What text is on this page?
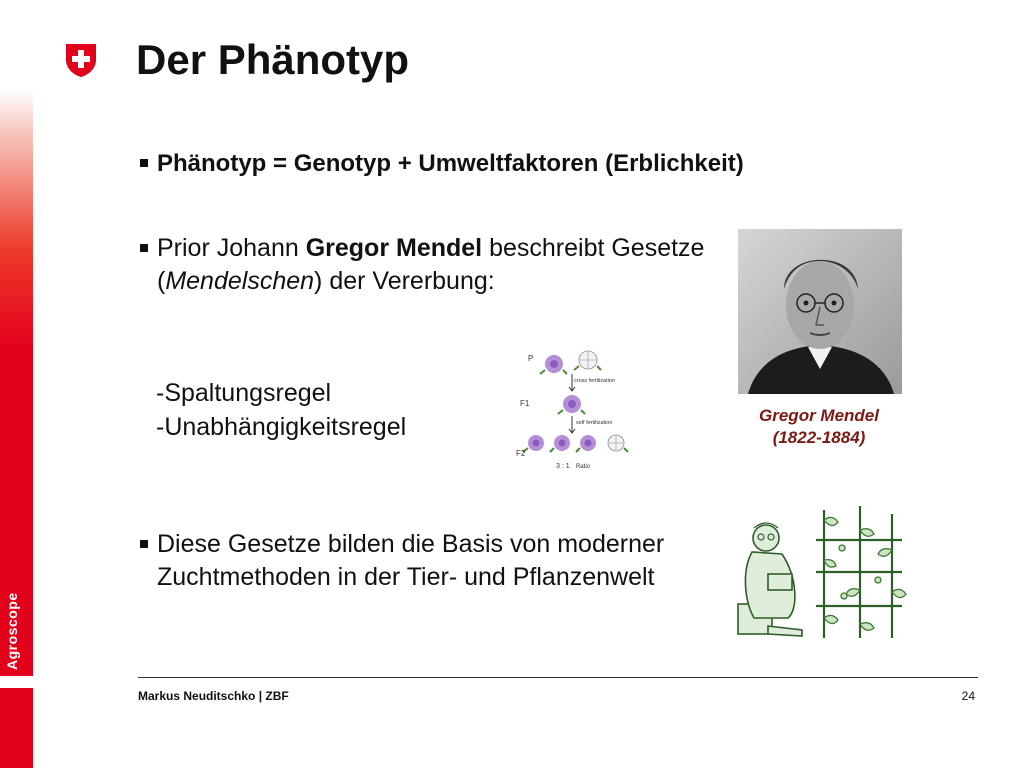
Der Phänotyp
Phänotyp = Genotyp + Umweltfaktoren (Erblichkeit)
Prior Johann Gregor Mendel beschreibt Gesetze (Mendelschen) der Vererbung:
-Spaltungsregel
-Unabhängigkeitsregel
P
cross fertilization
F1
self fertilization
F2
3 : 1 Ratio
Gregor Mendel
(1822-1884)
Diese Gesetze bilden die Basis von moderner Zuchtmethoden in der Tier- und Pflanzenwelt
Markus Neuditschko | ZBF	24
